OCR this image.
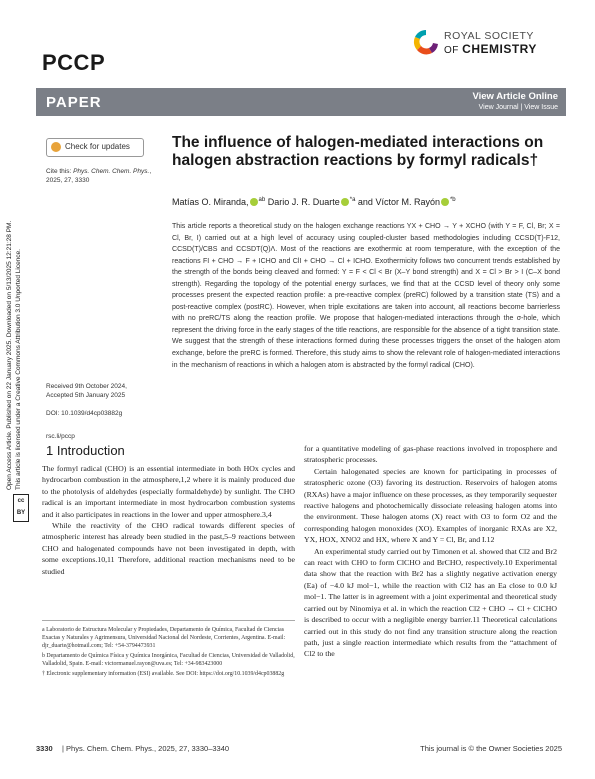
PCCP
ROYAL SOCIETY
OF CHEMISTRY
PAPER	View Article Online
View Journal | View Issue
Open Access Article. Published on 22 January 2025. Downloaded on 5/13/2025 12:21:28 PM. This article is licensed under a Creative Commons Attribution 3.0 Unported Licence.
cc BY
Check for updates
Cite this: Phys. Chem. Chem. Phys., 2025, 27, 3330
The influence of halogen-mediated interactions on halogen abstraction reactions by formyl radicals†
Matías O. Miranda, $^{ab}$ Dario J. R. Duarte $^{*a}$ and Víctor M. Rayón $^{*b}$
This article reports a theoretical study on the halogen exchange reactions YX + CHO → Y + XCHO (with Y = F, Cl, Br; X = Cl, Br, I) carried out at a high level of accuracy using coupled-cluster based methodologies including CCSD(T)-F12, CCSD(T)/CBS and CCSDT(Q)Λ. Most of the reactions are exothermic at room temperature, with the exception of the reactions FI + CHO → F + ICHO and ClI + CHO → Cl + ICHO. Exothermicity follows two concurrent trends established by the strength of the bonds being cleaved and formed: Y = F < Cl < Br (X–Y bond strength) and X = Cl > Br > I (C–X bond strength). Regarding the topology of the potential energy surfaces, we find that at the CCSD level of theory only some processes present the expected reaction profile: a pre-reactive complex (preRC) followed by a transition state (TS) and a post-reactive complex (postRC). However, when triple excitations are taken into account, all reactions become barrierless with no preRC/TS along the reaction profile. We propose that halogen-mediated interactions through the σ-hole, which represent the driving force in the early stages of the title reactions, are responsible for the absence of a tight transition state. We suggest that the strength of these interactions formed during these processes triggers the onset of the halogen atom exchange, before the preRC is formed. Therefore, this study aims to show the relevant role of halogen-mediated interactions in the mechanism of reactions in which a halogen atom is abstracted by the formyl radical (CHO).
Received 9th October 2024,
Accepted 5th January 2025
DOI: 10.1039/d4cp03882g
rsc.li/pccp
1 Introduction

The formyl radical (CHO) is an essential intermediate in both HOx cycles and hydrocarbon combustion in the atmosphere,1,2 where it is mainly produced due to the photolysis of aldehydes (especially formaldehyde) by sunlight. The CHO radical is an important intermediate in most hydrocarbon combustion systems and it also participates in reactions in the lower and upper atmosphere.3,4

While the reactivity of the CHO radical towards different species of atmospheric interest has already been studied in the past,5–9 reactions between CHO and halogenated compounds have not been investigated in depth, with some exceptions.10,11 Therefore, additional reaction mechanisms need to be studied

for a quantitative modeling of gas-phase reactions involved in troposphere and stratospheric processes.

Certain halogenated species are known for participating in processes of stratospheric ozone (O3) favoring its destruction. Reservoirs of halogen atoms (RXAs) have a major influence on these processes, as they temporarily sequester reactive halogens and photochemically dissociate releasing halogen atoms into the environment. These halogen atoms (X) react with O3 to form O2 and the corresponding halogen monoxides (XO). Examples of inorganic RXAs are X2, YX, HOX, XNO2 and HX, where X and Y = Cl, Br, and I.12

An experimental study carried out by Timonen et al. showed that Cl2 and Br2 can react with CHO to form ClCHO and BrCHO, respectively.10 Experimental data show that the reaction with Br2 has a slightly negative activation energy (Ea) of −4.0 kJ mol−1, while the reaction with Cl2 has an Ea close to 0.0 kJ mol−1. The latter is in agreement with a joint experimental and theoretical study carried out by Ninomiya et al. in which the reaction Cl2 + CHO → Cl + ClCHO is described to occur with a negligible energy barrier.11 Theoretical calculations carried out in this study do not find any transition structure along the reaction path, just a single reaction intermediate which results from the “attachment of Cl2 to the

a Laboratorio de Estructura Molecular y Propiedades, Departamento de Química, Facultad de Ciencias Exactas y Naturales y Agrimensura, Universidad Nacional del Nordeste, Corrientes, Argentina. E-mail: djr_duarte@hotmail.com; Tel: +54-3794473931

b Departamento de Química Física y Química Inorgánica, Facultad de Ciencias, Universidad de Valladolid, Valladolid, Spain. E-mail: victormanuel.rayon@uva.es; Tel: +34-983423000

† Electronic supplementary information (ESI) available. See DOI: https://doi.org/10.1039/d4cp03882g

3330 | Phys. Chem. Chem. Phys., 2025, 27, 3330–3340	This journal is © the Owner Societies 2025
